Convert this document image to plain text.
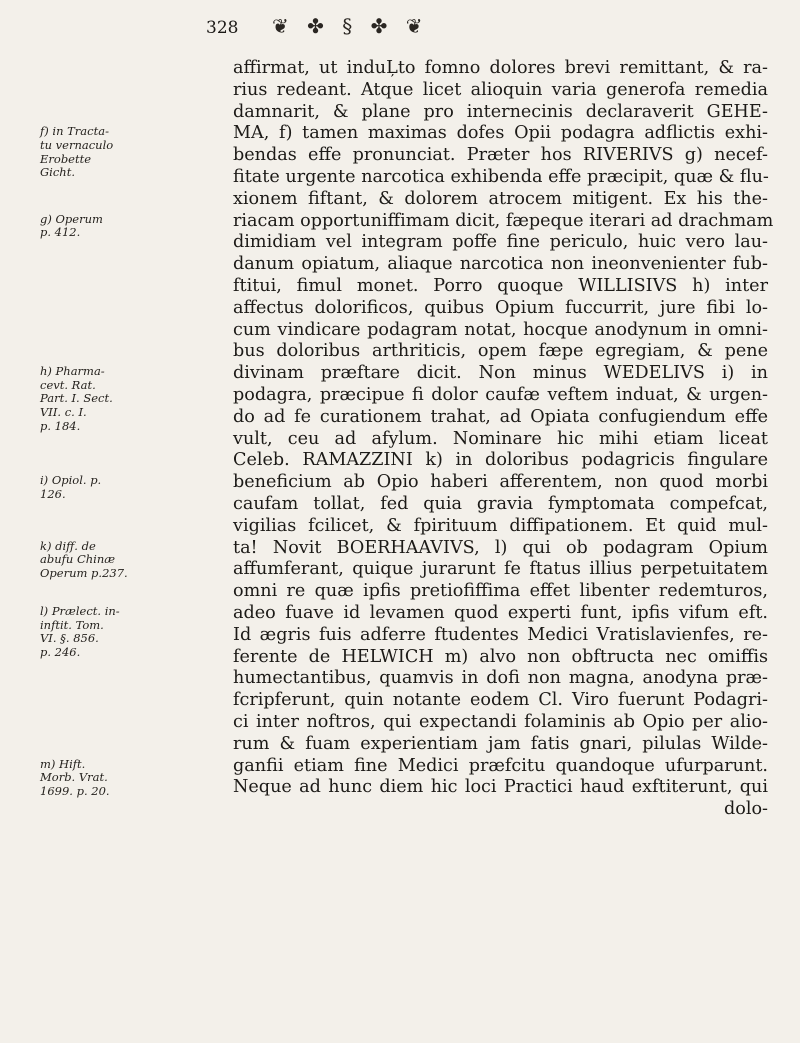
328 ❦ ✤ § ✤ ❦
f) in Tracta-
tu vernaculo
Erobette
Gicht.
g) Operum
p. 412.
h) Pharma-
cevt. Rat.
Part. I. Sect.
VII. c. I.
p. 184.
i) Opiol. p.
126.
k) diff. de
abufu Chinæ
Operum p.237.
l) Prælect. in-
inftit. Tom.
VI. §. 856.
p. 246.
m) Hift.
Morb. Vrat.
1699. p. 20.
affirmat, ut induĻto fomno dolores brevi remittant, & ra-
rius redeant. Atque licet alioquin varia generofa remedia
damnarit, & plane pro internecinis declaraverit GEHE-
MA, f) tamen maximas dofes Opii podagra adflictis exhi-
bendas effe pronunciat. Præter hos RIVERIVS g) necef-
fitate urgente narcotica exhibenda effe præcipit, quæ & flu-
xionem fiftant, & dolorem atrocem mitigent. Ex his the-
riacam opportuniffimam dicit, fæpeque iterari ad drachmam
dimidiam vel integram poffe fine periculo, huic vero lau-
danum opiatum, aliaque narcotica non ineonvenienter fub-
ftitui, fimul monet. Porro quoque WILLISIVS h) inter
affectus dolorificos, quibus Opium fuccurrit, jure fibi lo-
cum vindicare podagram notat, hocque anodynum in omni-
bus doloribus arthriticis, opem fæpe egregiam, & pene
divinam præftare dicit. Non minus WEDELIVS i) in
podagra, præcipue fi dolor caufæ veftem induat, & urgen-
do ad fe curationem trahat, ad Opiata confugiendum effe
vult, ceu ad afylum. Nominare hic mihi etiam liceat
Celeb. RAMAZZINI k) in doloribus podagricis fingulare
beneficium ab Opio haberi afferentem, non quod morbi
caufam tollat, fed quia gravia fymptomata compefcat,
vigilias fcilicet, & fpirituum diffipationem. Et quid mul-
ta! Novit BOERHAAVIVS, l) qui ob podagram Opium
affumferant, quique jurarunt fe ftatus illius perpetuitatem
omni re quæ ipfis pretiofiffima effet libenter redemturos,
adeo fuave id levamen quod experti funt, ipfis vifum eft.
Id ægris fuis adferre ftudentes Medici Vratislavienfes, re-
ferente de HELWICH m) alvo non obftructa nec omiffis
humectantibus, quamvis in dofi non magna, anodyna præ-
fcripferunt, quin notante eodem Cl. Viro fuerunt Podagri-
ci inter noftros, qui expectandi folaminis ab Opio per alio-
rum & fuam experientiam jam fatis gnari, pilulas Wilde-
ganfii etiam fine Medici præfcitu quandoque ufurparunt.
Neque ad hunc diem hic loci Practici haud exftiterunt, qui
dolo-
